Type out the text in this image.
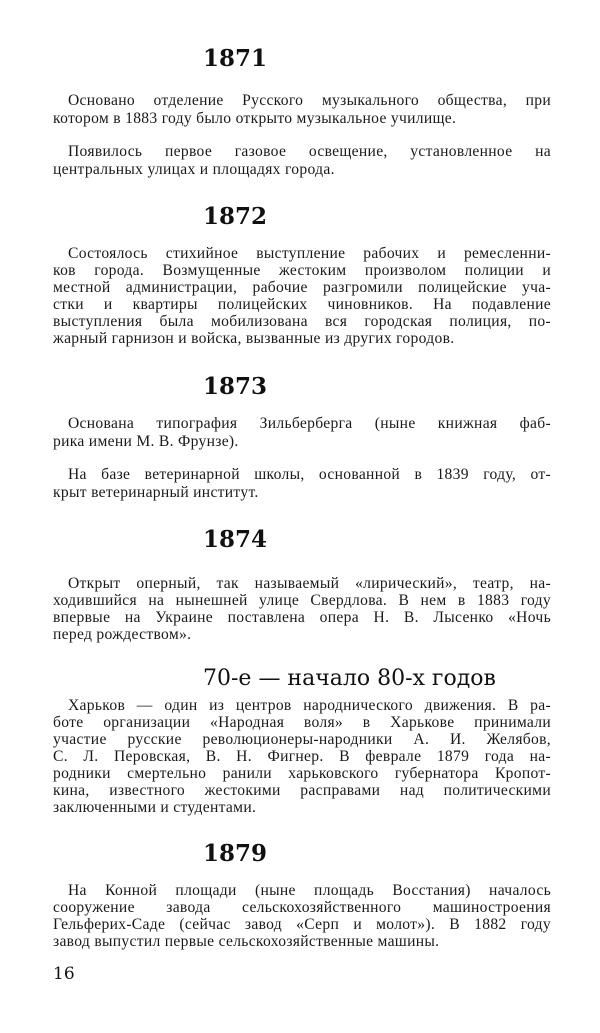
1871
Основано отделение Русского музыкального общества, при
котором в 1883 году было открыто музыкальное училище.
Появилось первое газовое освещение, установленное на
центральных улицах и площадях города.
1872
Состоялось стихийное выступление рабочих и ремесленни-
ков города. Возмущенные жестоким произволом полиции и
местной администрации, рабочие разгромили полицейские уча-
стки и квартиры полицейских чиновников. На подавление
выступления была мобилизована вся городская полиция, по-
жарный гарнизон и войска, вызванные из других городов.
1873
Основана типография Зильберберга (ныне книжная фаб-
рика имени М. В. Фрунзе).
На базе ветеринарной школы, основанной в 1839 году, от-
крыт ветеринарный институт.
1874
Открыт оперный, так называемый «лирический», театр, на-
ходившийся на нынешней улице Свердлова. В нем в 1883 году
впервые на Украине поставлена опера Н. В. Лысенко «Ночь
перед рождеством».
70-е — начало 80-х годов
Харьков — один из центров народнического движения. В ра-
боте организации «Народная воля» в Харькове принимали
участие русские революционеры-народники А. И. Желябов,
С. Л. Перовская, В. Н. Фигнер. В феврале 1879 года на-
родники смертельно ранили харьковского губернатора Кропот-
кина, известного жестокими расправами над политическими
заключенными и студентами.
1879
На Конной площади (ныне площадь Восстания) началось
сооружение завода сельскохозяйственного машиностроения
Гельферих-Саде (сейчас завод «Серп и молот»). В 1882 году
завод выпустил первые сельскохозяйственные машины.
16
